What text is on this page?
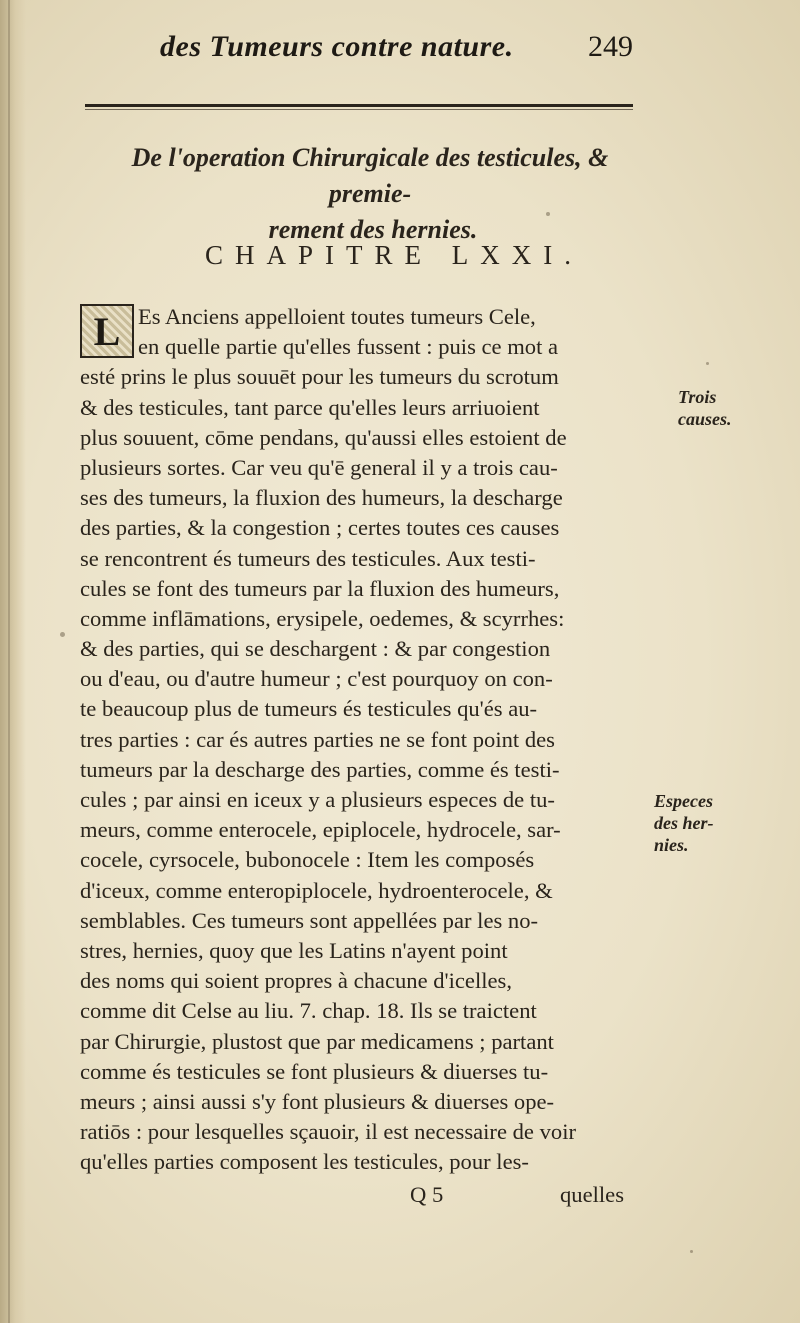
des Tumeurs contre nature. 249
De l'operation Chirurgicale des testicules, & premie-
rement des hernies.
CHAPITRE LXXI.
L Es Anciens appelloient toutes tumeurs Cele,
en quelle partie qu'elles fussent : puis ce mot a
esté prins le plus souuēt pour les tumeurs du scrotum
& des testicules, tant parce qu'elles leurs arriuoient
plus souuent, cōme pendans, qu'aussi elles estoient de
plusieurs sortes. Car veu qu'ē general il y a trois cau-
ses des tumeurs, la fluxion des humeurs, la descharge
des parties, & la congestion ; certes toutes ces causes
se rencontrent és tumeurs des testicules. Aux testi-
cules se font des tumeurs par la fluxion des humeurs,
comme inflāmations, erysipele, oedemes, & scyrrhes:
& des parties, qui se deschargent : & par congestion
ou d'eau, ou d'autre humeur ; c'est pourquoy on con-
te beaucoup plus de tumeurs és testicules qu'és au-
tres parties : car és autres parties ne se font point des
tumeurs par la descharge des parties, comme és testi-
cules ; par ainsi en iceux y a plusieurs especes de tu-
meurs, comme enterocele, epiplocele, hydrocele, sar-
cocele, cyrsocele, bubonocele : Item les composés
d'iceux, comme enteropiplocele, hydroenterocele, &
semblables. Ces tumeurs sont appellées par les no-
stres, hernies, quoy que les Latins n'ayent point
des noms qui soient propres à chacune d'icelles,
comme dit Celse au liu. 7. chap. 18. Ils se traictent
par Chirurgie, plustost que par medicamens ; partant
comme és testicules se font plusieurs & diuerses tu-
meurs ; ainsi aussi s'y font plusieurs & diuerses ope-
ratiōs : pour lesquelles sçauoir, il est necessaire de voir
qu'elles parties composent les testicules, pour les-
Trois
causes.
Especes
des her-
nies.
Q 5	quelles
